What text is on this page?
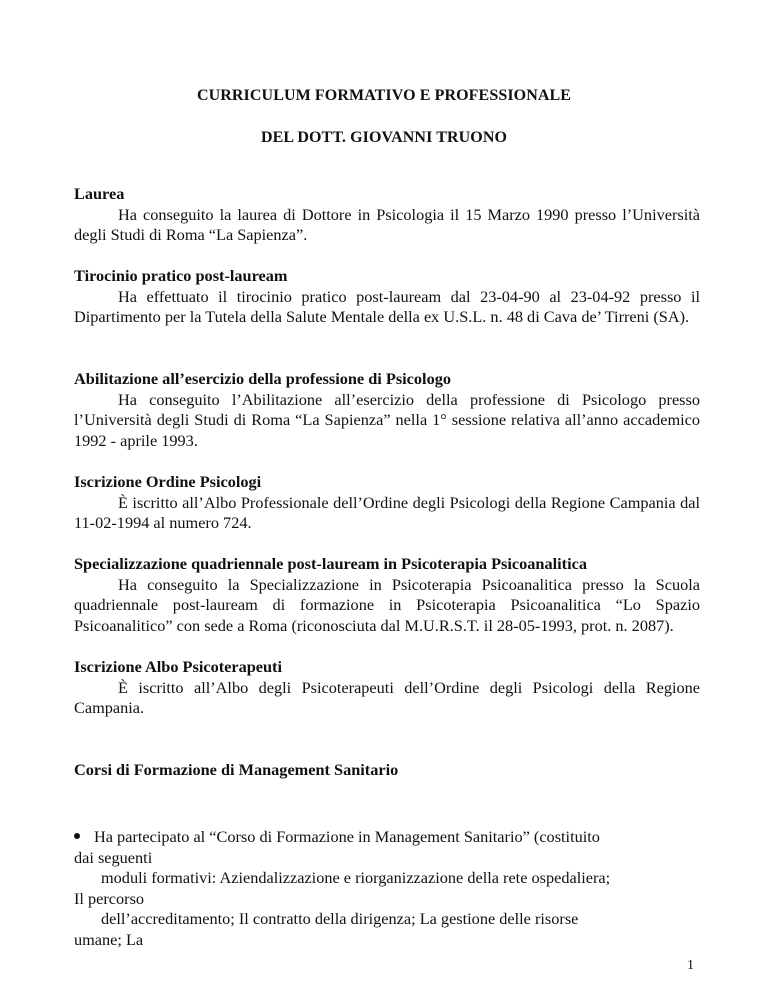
CURRICULUM FORMATIVO E PROFESSIONALE
DEL DOTT. GIOVANNI TRUONO
Laurea
Ha conseguito la laurea di Dottore in Psicologia il 15 Marzo 1990 presso l’Università degli Studi di Roma “La Sapienza”.
Tirocinio pratico post-lauream
Ha effettuato il tirocinio pratico post-lauream dal 23-04-90 al 23-04-92 presso il Dipartimento per la Tutela della Salute Mentale della ex U.S.L. n. 48 di Cava de’ Tirreni (SA).
Abilitazione all’esercizio della professione di Psicologo
Ha conseguito l’Abilitazione all’esercizio della professione di Psicologo presso l’Università degli Studi di Roma “La Sapienza” nella 1° sessione relativa all’anno accademico 1992 - aprile 1993.
Iscrizione Ordine Psicologi
È iscritto all’Albo Professionale dell’Ordine degli Psicologi della Regione Campania dal 11-02-1994 al numero 724.
Specializzazione quadriennale post-lauream in Psicoterapia Psicoanalitica
Ha conseguito la Specializzazione in Psicoterapia Psicoanalitica presso la Scuola quadriennale post-lauream di formazione in Psicoterapia Psicoanalitica “Lo Spazio Psicoanalitico” con sede a Roma (riconosciuta dal M.U.R.S.T. il 28-05-1993, prot. n. 2087).
Iscrizione Albo Psicoterapeuti
È iscritto all’Albo degli Psicoterapeuti dell’Ordine degli Psicologi della Regione Campania.
Corsi di Formazione di Management Sanitario
Ha partecipato al “Corso di Formazione in Management Sanitario” (costituito
dai seguenti
moduli formativi: Aziendalizzazione e riorganizzazione della rete ospedaliera;
Il percorso
dell’accreditamento; Il contratto della dirigenza; La gestione delle risorse
umane; La
1
